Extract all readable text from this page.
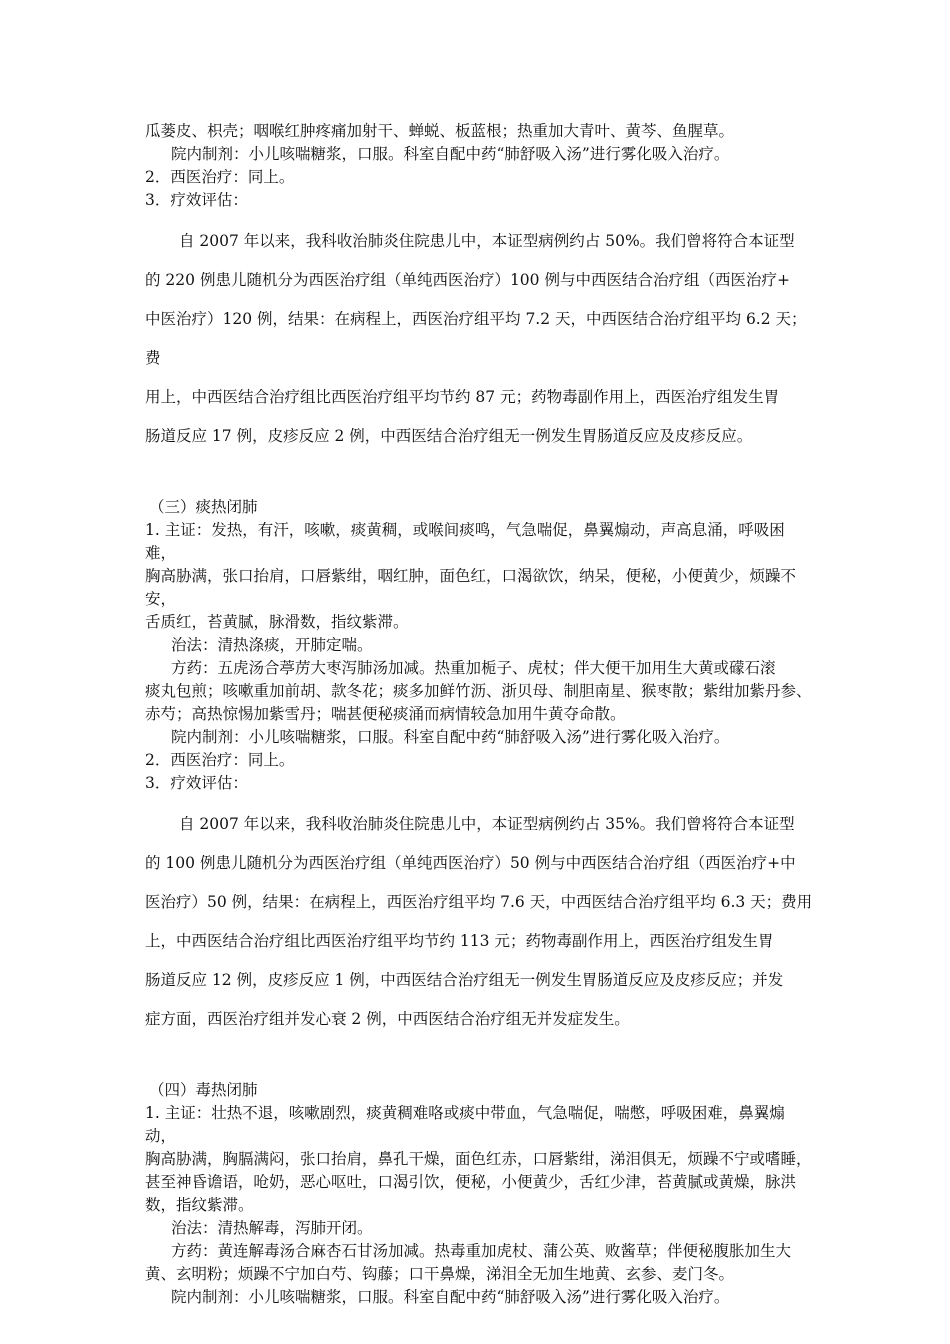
瓜蒌皮、枳壳；咽喉红肿疼痛加射干、蝉蜕、板蓝根；热重加大青叶、黄芩、鱼腥草。

院内制剂：小儿咳喘糖浆，口服。科室自配中药“肺舒吸入汤”进行雾化吸入治疗。

2．西医治疗：同上。

3．疗效评估：

自 2007 年以来，我科收治肺炎住院患儿中，本证型病例约占 50%。我们曾将符合本证型

的 220 例患儿随机分为西医治疗组（单纯西医治疗）100 例与中西医结合治疗组（西医治疗+

中医治疗）120 例，结果：在病程上，西医治疗组平均 7.2 天，中西医结合治疗组平均 6.2 天；费

用上，中西医结合治疗组比西医治疗组平均节约 87 元；药物毒副作用上，西医治疗组发生胃

肠道反应 17 例，皮疹反应 2 例，中西医结合治疗组无一例发生胃肠道反应及皮疹反应。

（三）痰热闭肺

1. 主证：发热，有汗，咳嗽，痰黄稠，或喉间痰鸣，气急喘促，鼻翼煽动，声高息涌，呼吸困难，

胸高胁满，张口抬肩，口唇紫绀，咽红肿，面色红，口渴欲饮，纳呆，便秘，小便黄少，烦躁不安，

舌质红，苔黄腻，脉滑数，指纹紫滞。

治法：清热涤痰，开肺定喘。

方药：五虎汤合葶苈大枣泻肺汤加减。热重加栀子、虎杖；伴大便干加用生大黄或礞石滚

痰丸包煎；咳嗽重加前胡、款冬花；痰多加鲜竹沥、浙贝母、制胆南星、猴枣散；紫绀加紫丹参、

赤芍；高热惊惕加紫雪丹；喘甚便秘痰涌而病情较急加用牛黄夺命散。

院内制剂：小儿咳喘糖浆，口服。科室自配中药“肺舒吸入汤”进行雾化吸入治疗。

2．西医治疗：同上。

3．疗效评估：

自 2007 年以来，我科收治肺炎住院患儿中，本证型病例约占 35%。我们曾将符合本证型

的 100 例患儿随机分为西医治疗组（单纯西医治疗）50 例与中西医结合治疗组（西医治疗+中

医治疗）50 例，结果：在病程上，西医治疗组平均 7.6 天，中西医结合治疗组平均 6.3 天；费用

上，中西医结合治疗组比西医治疗组平均节约 113 元；药物毒副作用上，西医治疗组发生胃

肠道反应 12 例，皮疹反应 1 例，中西医结合治疗组无一例发生胃肠道反应及皮疹反应；并发

症方面，西医治疗组并发心衰 2 例，中西医结合治疗组无并发症发生。

（四）毒热闭肺

1. 主证：壮热不退，咳嗽剧烈，痰黄稠难咯或痰中带血，气急喘促，喘憋，呼吸困难，鼻翼煽动，

胸高胁满，胸膈满闷，张口抬肩，鼻孔干燥，面色红赤，口唇紫绀，涕泪俱无，烦躁不宁或嗜睡，

甚至神昏谵语，呛奶，恶心呕吐，口渴引饮，便秘，小便黄少，舌红少津，苔黄腻或黄燥，脉洪

数，指纹紫滞。

治法：清热解毒，泻肺开闭。

方药：黄连解毒汤合麻杏石甘汤加减。热毒重加虎杖、蒲公英、败酱草；伴便秘腹胀加生大

黄、玄明粉；烦躁不宁加白芍、钩藤；口干鼻燥，涕泪全无加生地黄、玄参、麦门冬。

院内制剂：小儿咳喘糖浆，口服。科室自配中药“肺舒吸入汤”进行雾化吸入治疗。
